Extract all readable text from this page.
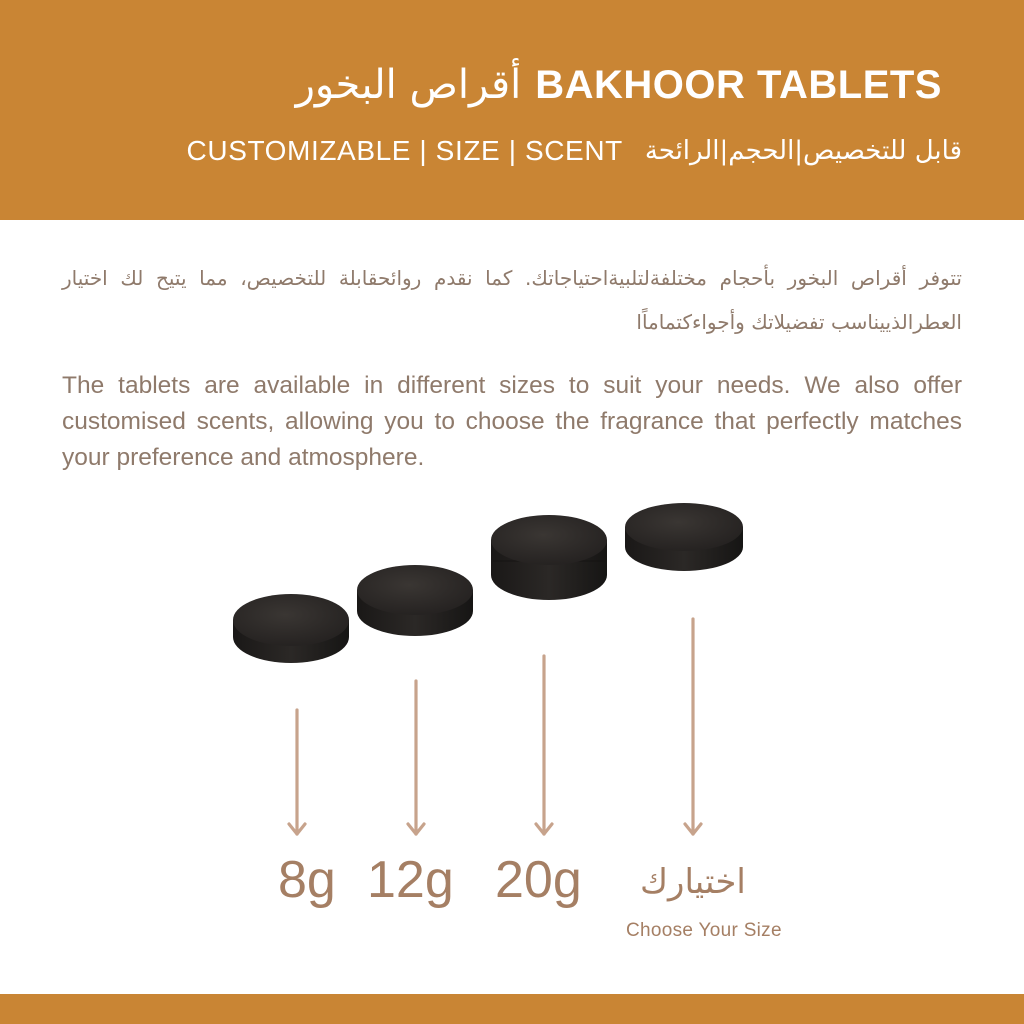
أقراص البخور BAKHOOR TABLETS
CUSTOMIZABLE | SIZE | SCENT قابل للتخصيص|الحجم|الرائحة
تتوفر أقراص البخور بأحجام مختلفةلتلبيةاحتياجاتك. كما نقدم روائحقابلة للتخصيص، مما يتيح لك اختيار العطرالذييناسب تفضيلاتك وأجواءكتماماًا
The tablets are available in different sizes to suit your needs. We also offer customised scents, allowing you to choose the fragrance that perfectly matches your preference and atmosphere.
8g 12g 20g اختيارك
Choose Your Size
